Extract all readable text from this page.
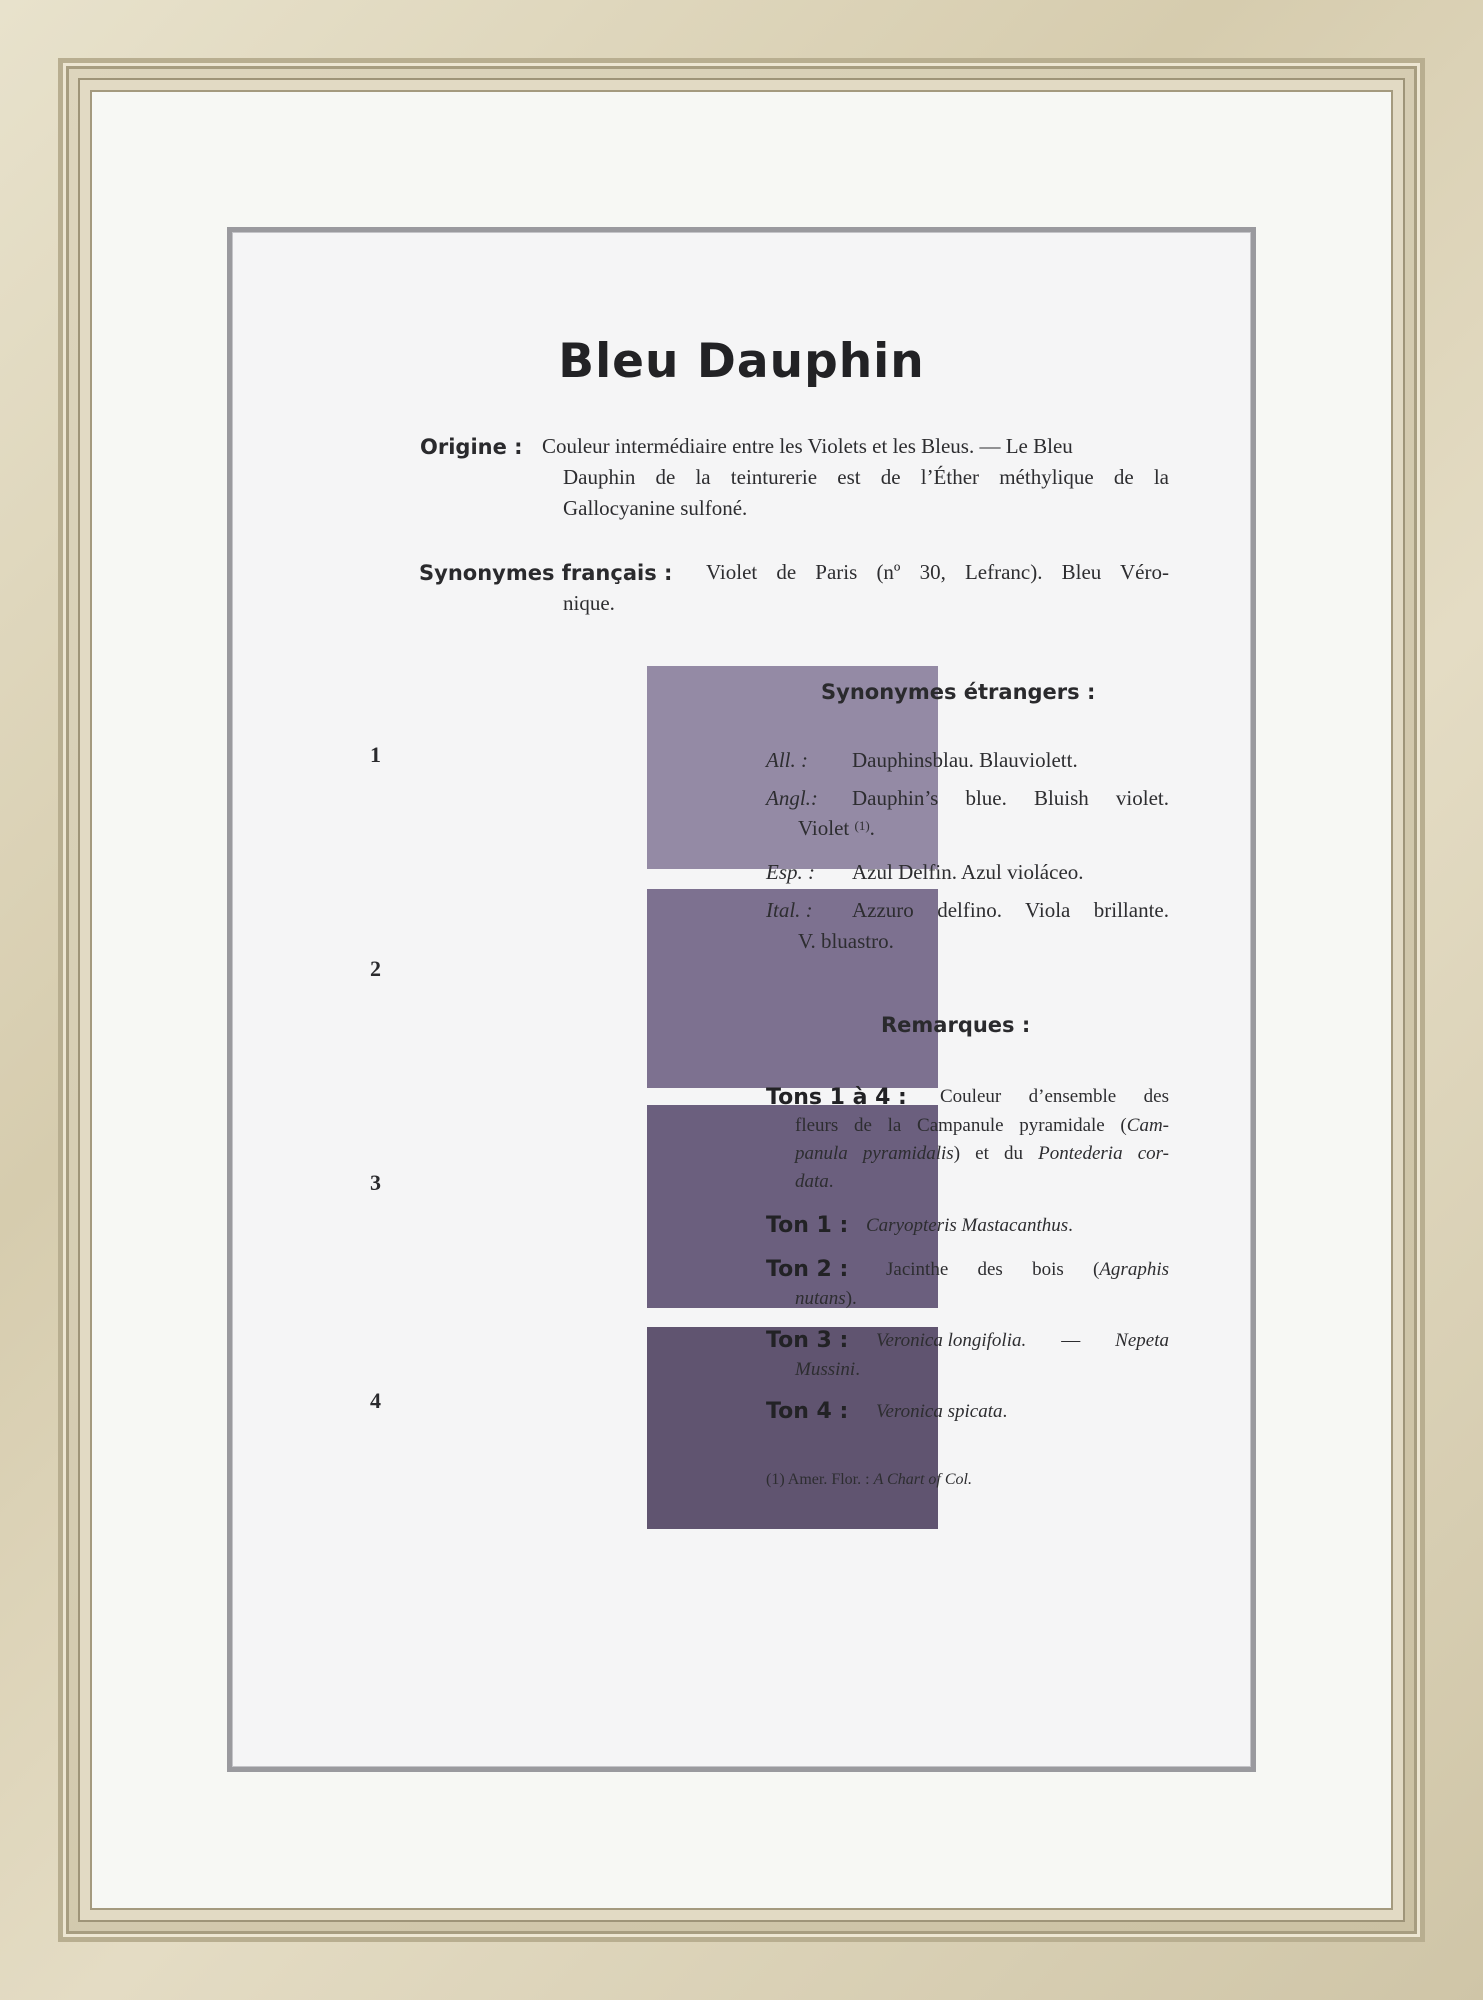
Bleu Dauphin
Origine : Couleur intermédiaire entre les Violets et les Bleus. — Le Bleu
Dauphin de la teinturerie est de l’Éther méthylique de la
Gallocyanine sulfoné.
Synonymes français : Violet de Paris (nº 30, Lefranc). Bleu Véro-
nique.
1
2
3
4
Synonymes étrangers :
All. : Dauphinsblau. Blauviolett.
Angl.: Dauphin’s blue. Bluish violet.
Violet $^{(1)}$.
Esp. : Azul Delfin. Azul violáceo.
Ital. : Azzuro delfino. Viola brillante.
V. bluastro.
Remarques :
Tons 1 à 4 : Couleur d’ensemble des
fleurs de la Campanule pyramidale (Cam-
panula pyramidalis) et du Pontederia cor-
data.
Ton 1 : Caryopteris Mastacanthus.
Ton 2 : Jacinthe des bois (Agraphis
nutans).
Ton 3 : Veronica longifolia. — Nepeta
Mussini.
Ton 4 : Veronica spicata.
(1) Amer. Flor. : A Chart of Col.
